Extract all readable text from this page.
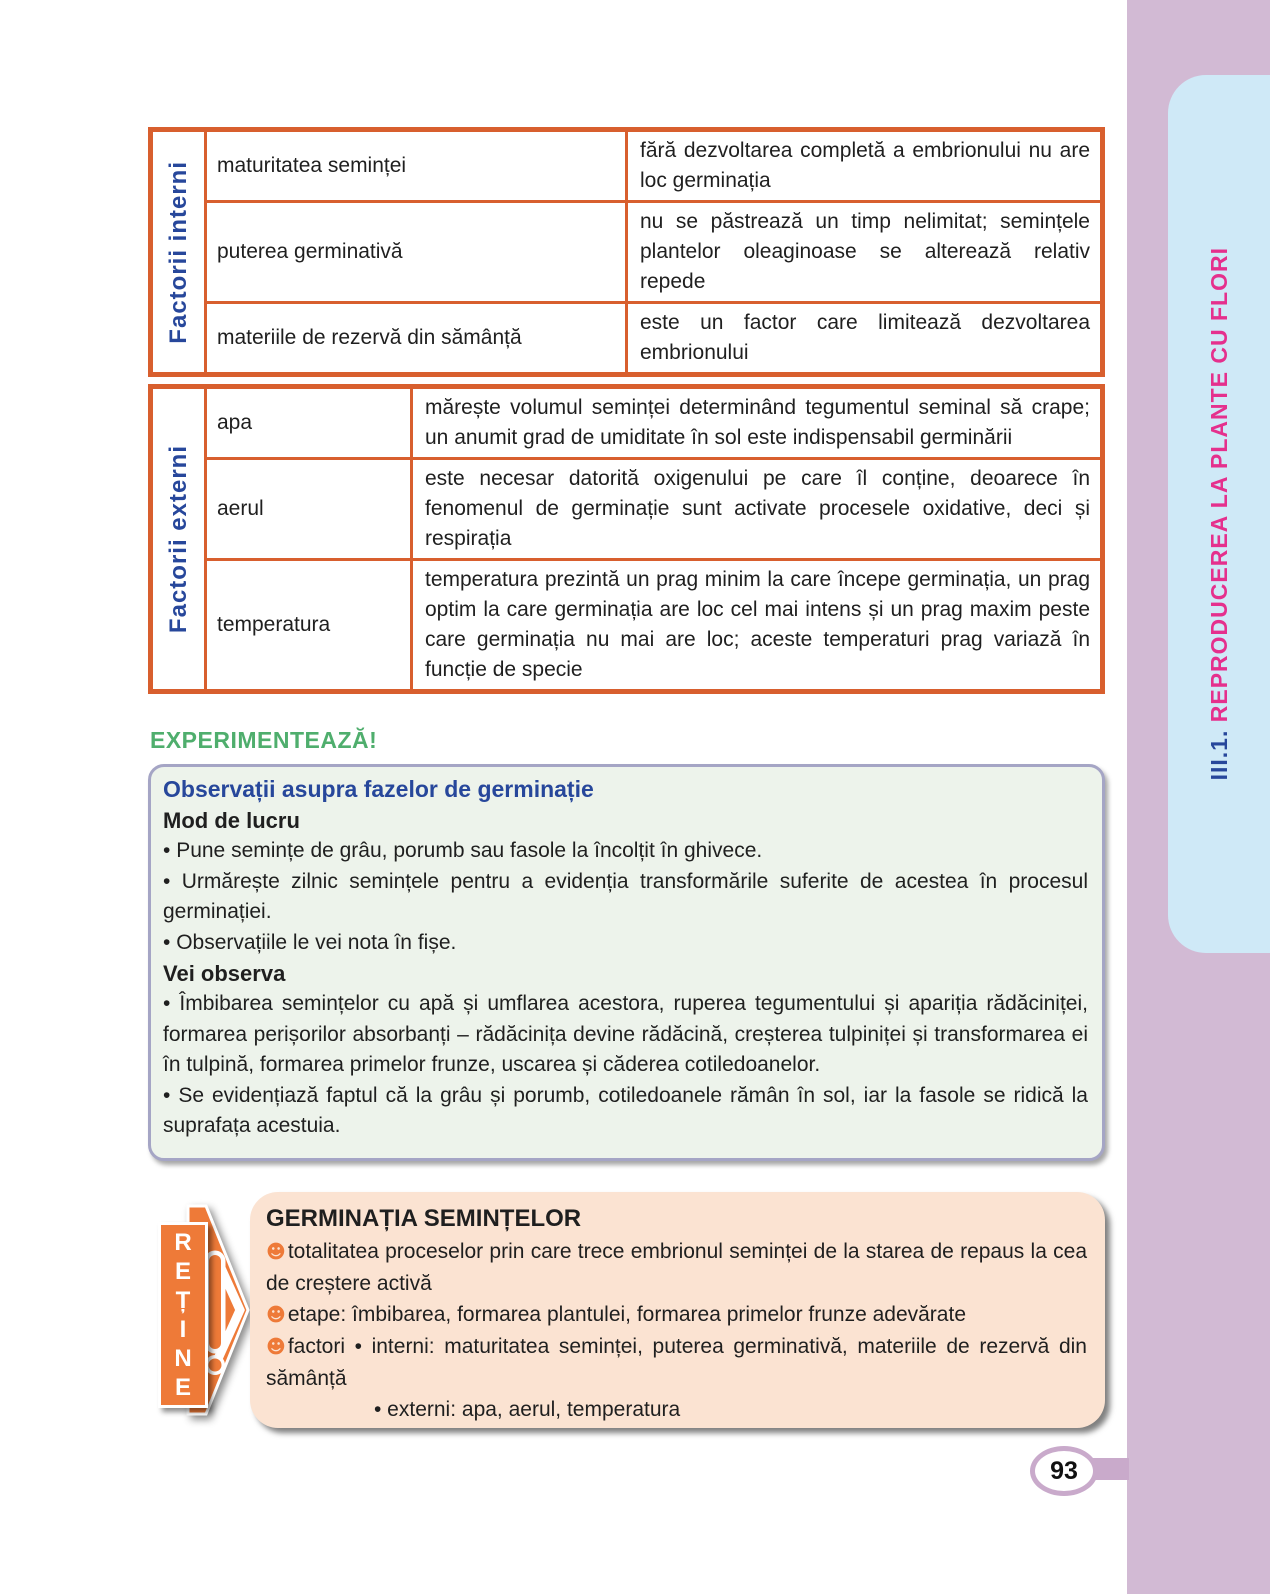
III.1. REPRODUCEREA LA PLANTE CU FLORI
Factorii interni	maturitatea seminței	fără dezvoltarea completă a embrionului nu are loc germinația
	puterea germinativă	nu se păstrează un timp nelimitat; semințele plantelor oleaginoase se alterează relativ repede
	materiile de rezervă din sămânță	este un factor care limitează dezvoltarea embrionului
Factorii externi	apa	mărește volumul seminței determinând tegumentul seminal să crape; un anumit grad de umiditate în sol este indispensabil germinării
	aerul	este necesar datorită oxigenului pe care îl conține, deoarece în fenomenul de germinație sunt activate procesele oxidative, deci și respirația
	temperatura	temperatura prezintă un prag minim la care începe germinația, un prag optim la care germinația are loc cel mai intens și un prag maxim peste care germinația nu mai are loc; aceste temperaturi prag variază în funcție de specie
EXPERIMENTEAZĂ!

Observații asupra fazelor de germinație

Mod de lucru

• Pune semințe de grâu, porumb sau fasole la încolțit în ghivece.

• Urmărește zilnic semințele pentru a evidenția transformările suferite de acestea în procesul germinației.

• Observațiile le vei nota în fișe.

Vei observa

• Îmbibarea semințelor cu apă și umflarea acestora, ruperea tegumentului și apariția rădăciniței, formarea perișorilor absorbanți – rădăcinița devine rădăcină, creșterea tulpiniței și transformarea ei în tulpină, formarea primelor frunze, uscarea și căderea cotiledoanelor.

• Se evidențiază faptul că la grâu și porumb, cotiledoanele rămân în sol, iar la fasole se ridică la suprafața acestuia.

R
E
Ț
I
N
E

GERMINAȚIA SEMINȚELOR

☻totalitatea proceselor prin care trece embrionul seminței de la starea de repaus la cea de creștere activă

☻etape: îmbibarea, formarea plantulei, formarea primelor frunze adevărate

☻factori • interni: maturitatea seminței, puterea germinativă, materiile de rezervă din sămânță

• externi: apa, aerul, temperatura

93
